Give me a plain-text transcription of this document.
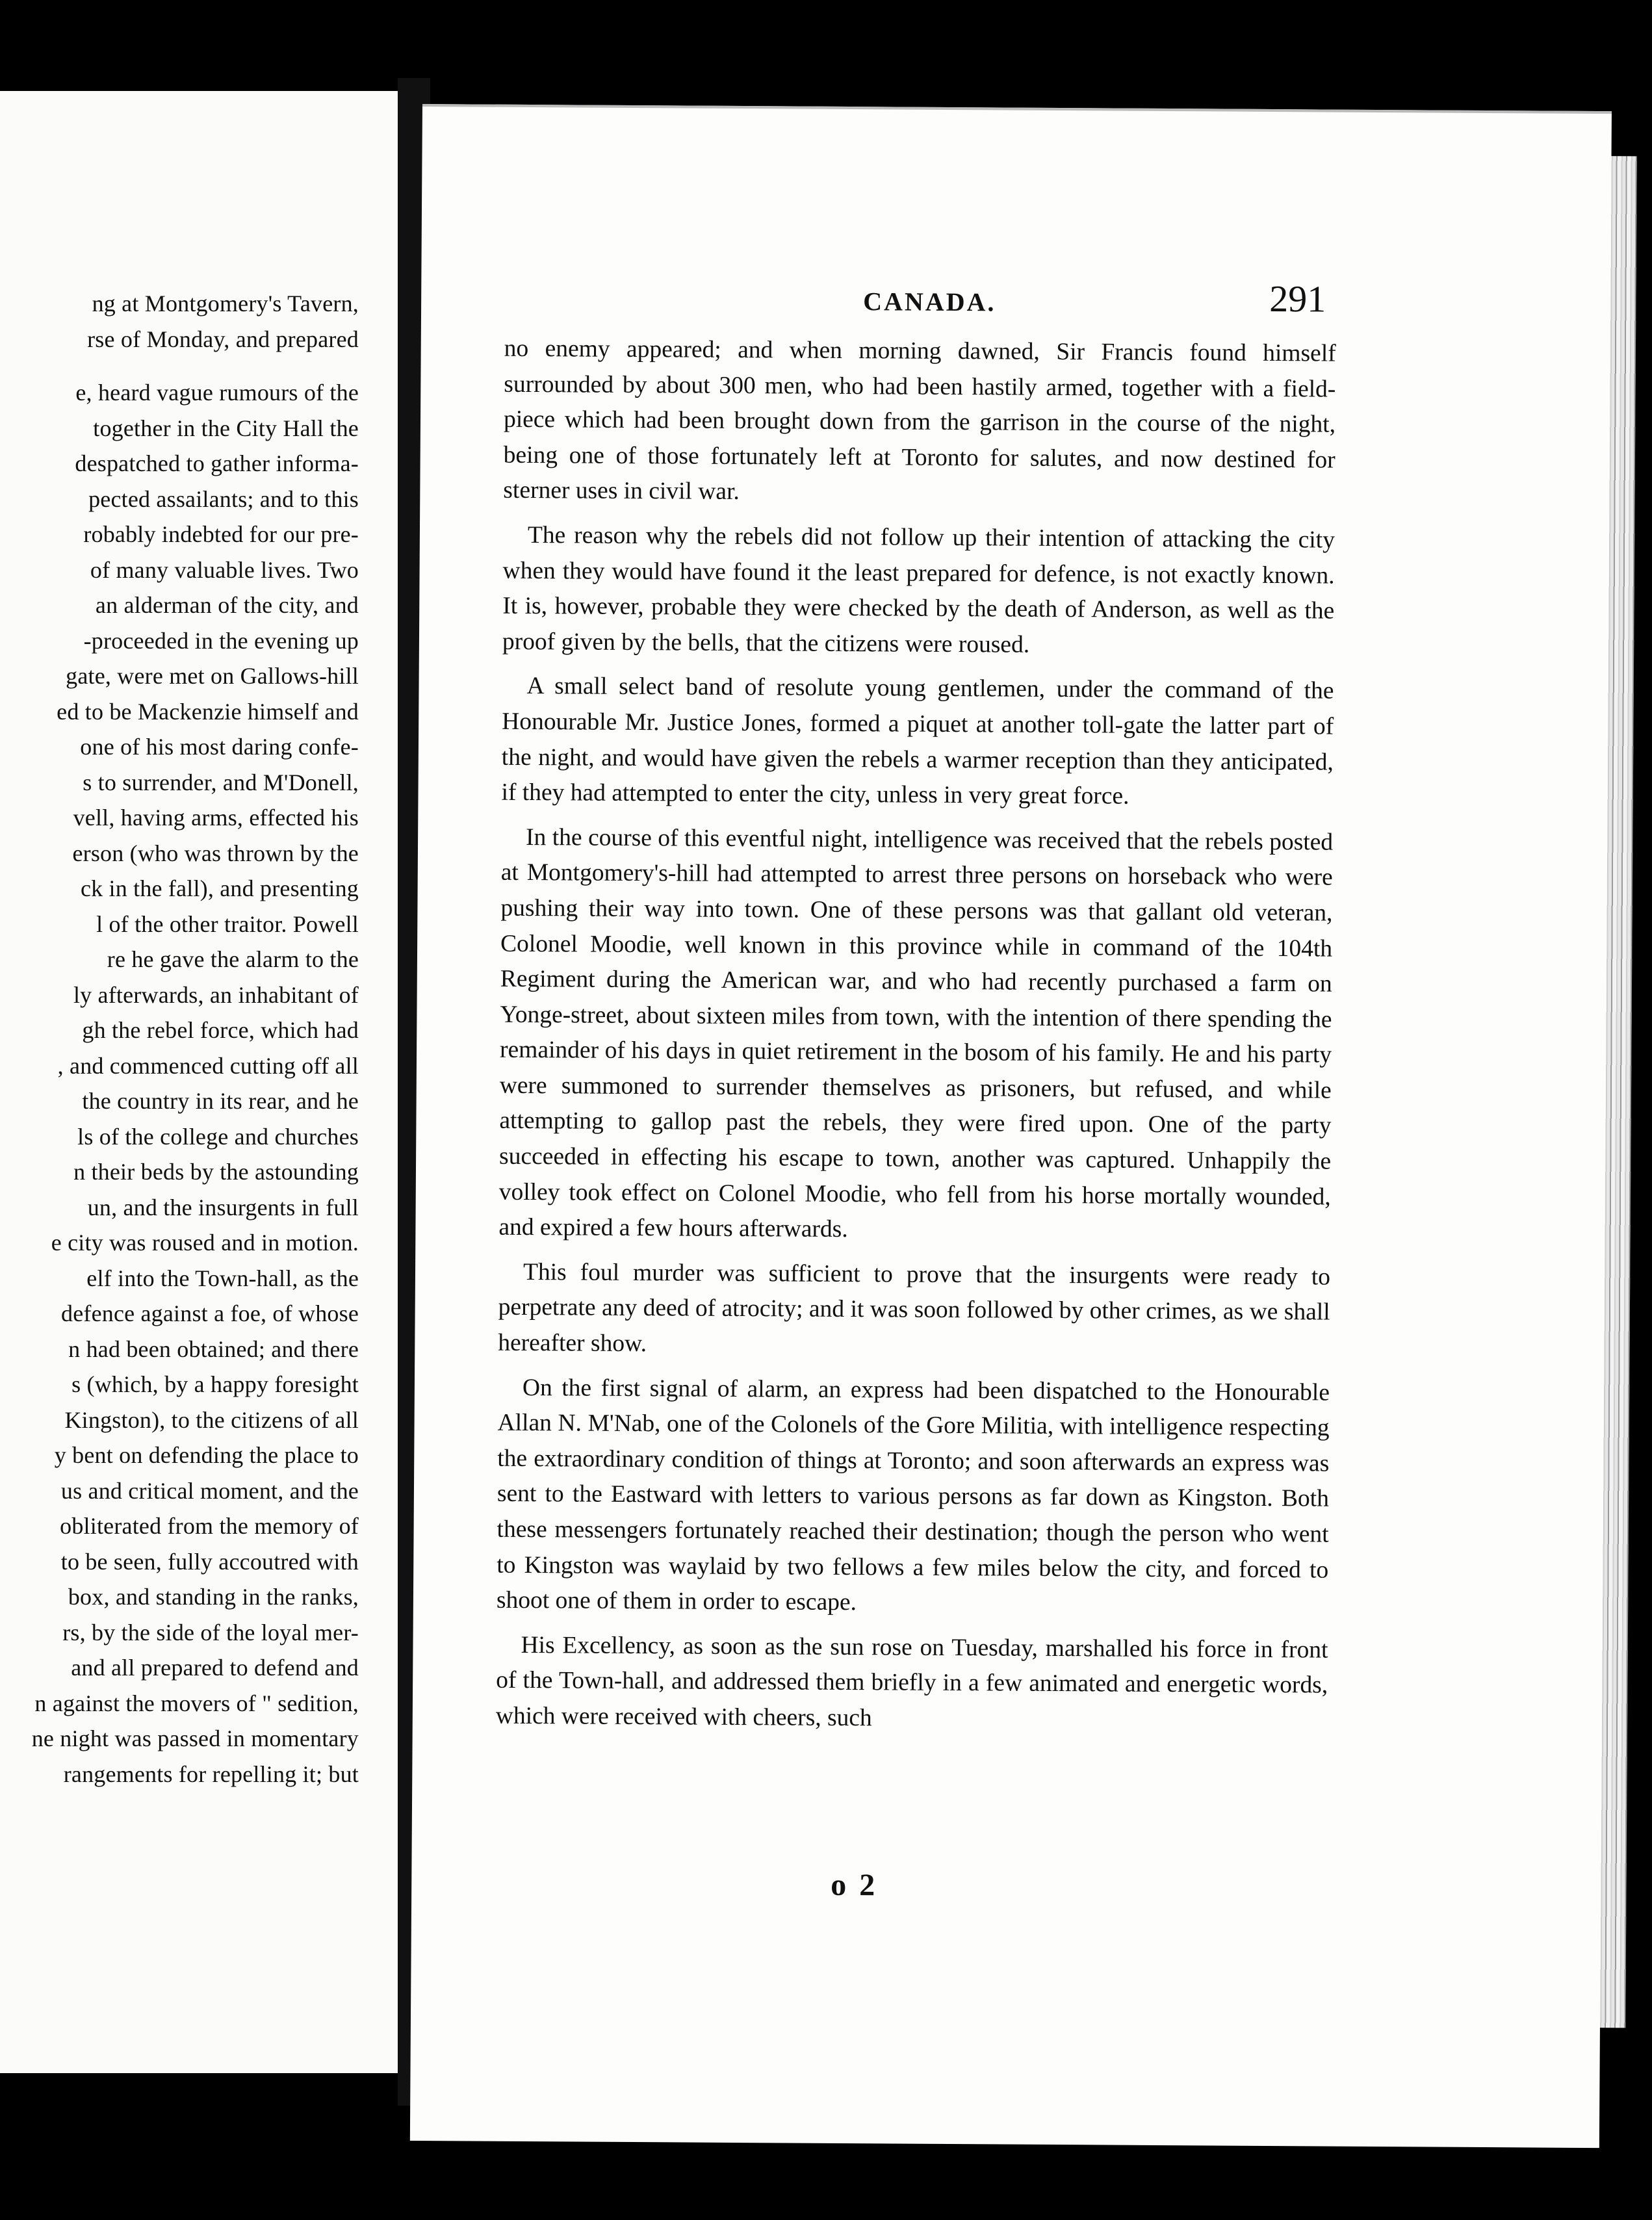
ng at Montgomery's Tavern,
rse of Monday, and prepared

e, heard vague rumours of the
together in the City Hall the
despatched to gather informa-
pected assailants; and to this
robably indebted for our pre-
of many valuable lives. Two
an alderman of the city, and
-proceeded in the evening up
gate, were met on Gallows-hill
ed to be Mackenzie himself and
one of his most daring confe-
s to surrender, and M'Donell,
vell, having arms, effected his
erson (who was thrown by the
ck in the fall), and presenting
l of the other traitor. Powell
re he gave the alarm to the
ly afterwards, an inhabitant of
gh the rebel force, which had
, and commenced cutting off all
the country in its rear, and he
ls of the college and churches
n their beds by the astounding
un, and the insurgents in full
e city was roused and in motion.
elf into the Town-hall, as the
defence against a foe, of whose
n had been obtained; and there
s (which, by a happy foresight
Kingston), to the citizens of all
y bent on defending the place to
us and critical moment, and the
obliterated from the memory of
to be seen, fully accoutred with
box, and standing in the ranks,
rs, by the side of the loyal mer-
and all prepared to defend and
n against the movers of " sedition,
ne night was passed in momentary
rangements for repelling it; but
CANADA.	291

no enemy appeared; and when morning dawned, Sir Francis found himself surrounded by about 300 men, who had been hastily armed, together with a field-piece which had been brought down from the garrison in the course of the night, being one of those fortunately left at Toronto for salutes, and now destined for sterner uses in civil war.

The reason why the rebels did not follow up their intention of attacking the city when they would have found it the least prepared for defence, is not exactly known. It is, however, probable they were checked by the death of Anderson, as well as the proof given by the bells, that the citizens were roused.

A small select band of resolute young gentlemen, under the command of the Honourable Mr. Justice Jones, formed a piquet at another toll-gate the latter part of the night, and would have given the rebels a warmer reception than they anticipated, if they had attempted to enter the city, unless in very great force.

In the course of this eventful night, intelligence was received that the rebels posted at Montgomery's-hill had attempted to arrest three persons on horseback who were pushing their way into town. One of these persons was that gallant old veteran, Colonel Moodie, well known in this province while in command of the 104th Regiment during the American war, and who had recently purchased a farm on Yonge-street, about sixteen miles from town, with the intention of there spending the remainder of his days in quiet retirement in the bosom of his family. He and his party were summoned to surrender themselves as prisoners, but refused, and while attempting to gallop past the rebels, they were fired upon. One of the party succeeded in effecting his escape to town, another was captured. Unhappily the volley took effect on Colonel Moodie, who fell from his horse mortally wounded, and expired a few hours afterwards.

This foul murder was sufficient to prove that the insurgents were ready to perpetrate any deed of atrocity; and it was soon followed by other crimes, as we shall hereafter show.

On the first signal of alarm, an express had been dispatched to the Honourable Allan N. M'Nab, one of the Colonels of the Gore Militia, with intelligence respecting the extraordinary condition of things at Toronto; and soon afterwards an express was sent to the Eastward with letters to various persons as far down as Kingston. Both these messengers fortunately reached their destination; though the person who went to Kingston was waylaid by two fellows a few miles below the city, and forced to shoot one of them in order to escape.

His Excellency, as soon as the sun rose on Tuesday, marshalled his force in front of the Town-hall, and addressed them briefly in a few animated and energetic words, which were received with cheers, such

o 2
